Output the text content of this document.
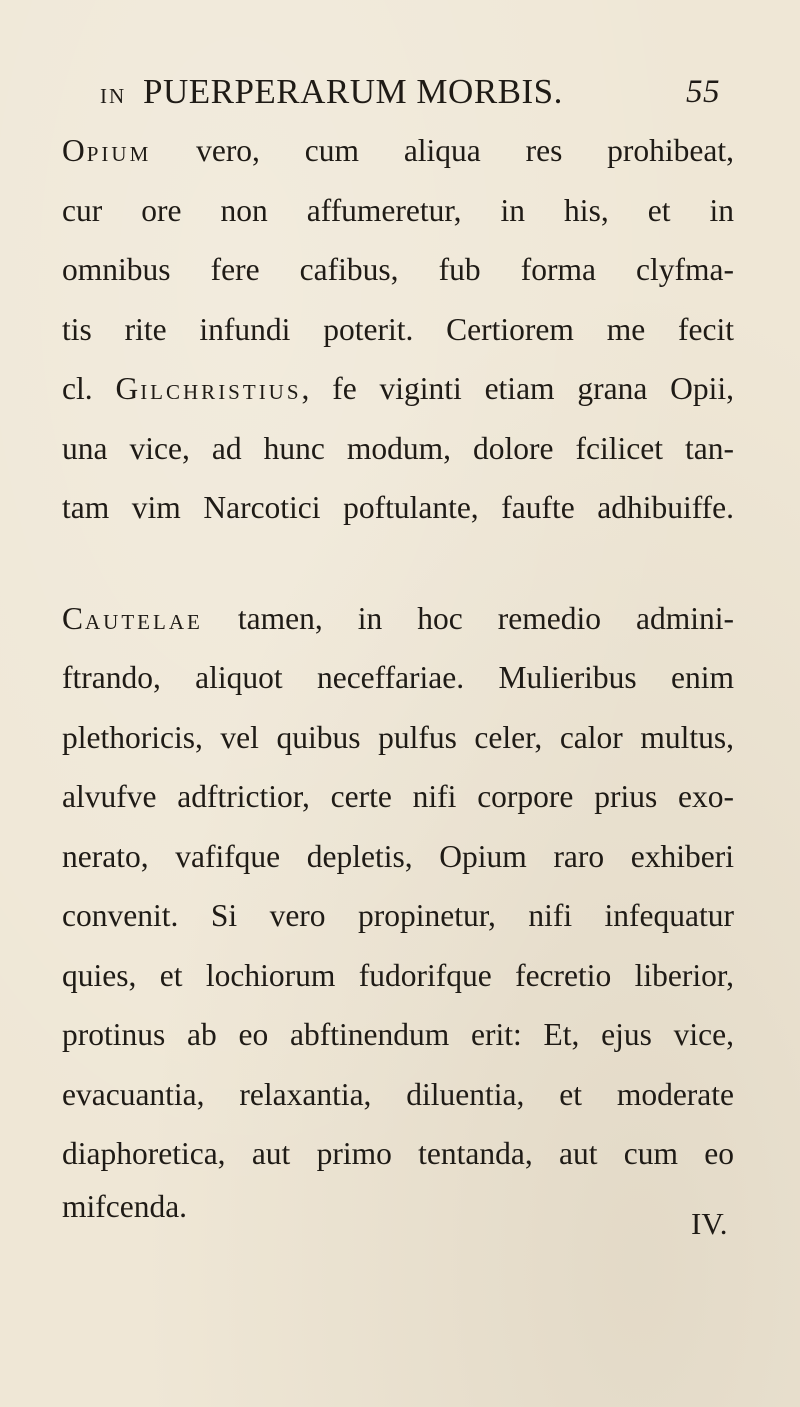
IN PUERPERARUM MORBIS.	55
OPIUM vero, cum aliqua res prohibeat,
cur ore non affumeretur, in his, et in
omnibus fere cafibus, fub forma clyfma-
tis rite infundi poterit. Certiorem me fecit
cl. GILCHRISTIUS, fe viginti etiam grana Opii,
una vice, ad hunc modum, dolore fcilicet tan-
tam vim Narcotici poftulante, faufte adhibuiffe.
CAUTELAE tamen, in hoc remedio admini-
ftrando, aliquot neceffariae. Mulieribus enim
plethoricis, vel quibus pulfus celer, calor multus,
alvufve adftrictior, certe nifi corpore prius exo-
nerato, vafifque depletis, Opium raro exhiberi
convenit. Si vero propinetur, nifi infequatur
quies, et lochiorum fudorifque fecretio liberior,
protinus ab eo abftinendum erit: Et, ejus vice,
evacuantia, relaxantia, diluentia, et moderate
diaphoretica, aut primo tentanda, aut cum eo
mifcenda.	IV.
